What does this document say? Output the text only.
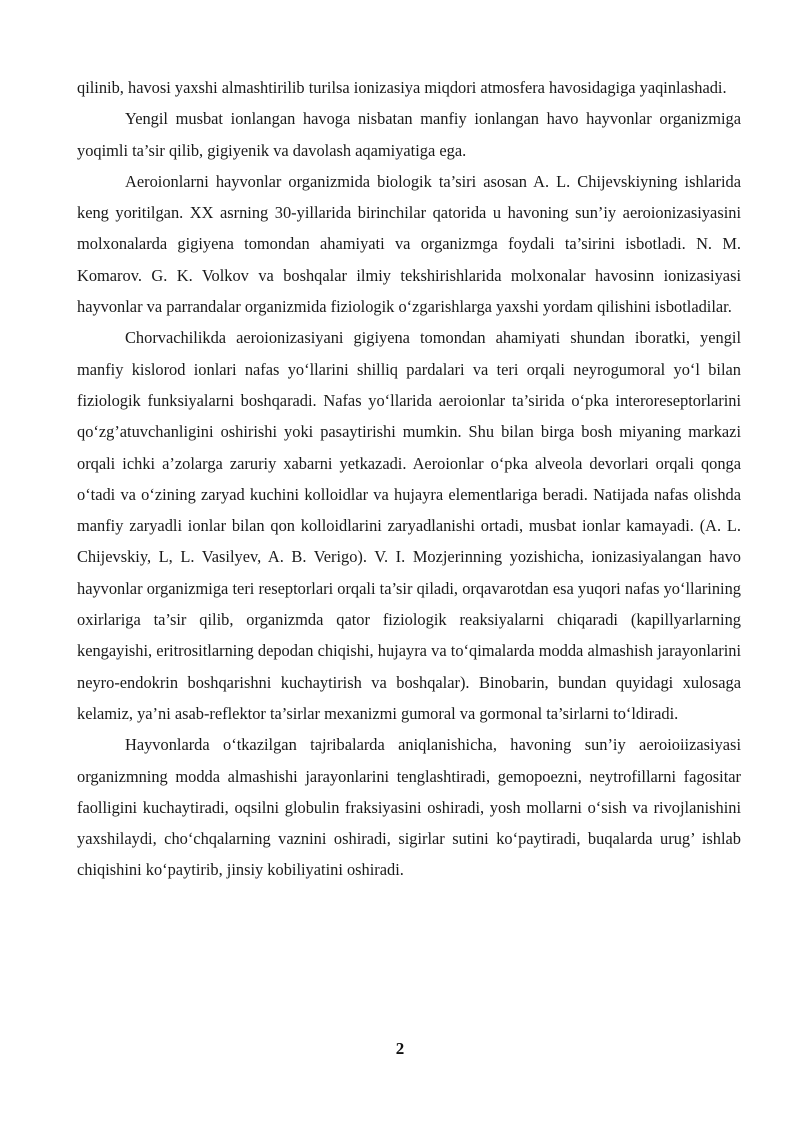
qilinib, havosi yaxshi almashtirilib turilsa ionizasiya miqdori atmosfera havosidagiga yaqinlashadi.

Yengil musbat ionlangan havoga nisbatan manfiy ionlangan havo hayvonlar organizmiga yoqimli ta’sir qilib, gigiyenik va davolash aqamiyatiga ega.

Aeroionlarni hayvonlar organizmida biologik ta’siri asosan A. L. Chijevskiyning ishlarida keng yoritilgan. XX asrning 30-yillarida birinchilar qatorida u havoning sun’iy aeroionizasiyasini molxonalarda gigiyena tomondan ahamiyati va organizmga foydali ta’sirini isbotladi. N. M. Komarov. G. K. Volkov va boshqalar ilmiy tekshirishlarida molxonalar havosinn ionizasiyasi hayvonlar va parrandalar organizmida fiziologik o‘zgarishlarga yaxshi yordam qilishini isbotladilar.

Chorvachilikda aeroionizasiyani gigiyena tomondan ahamiyati shundan iboratki, yengil manfiy kislorod ionlari nafas yo‘llarini shilliq pardalari va teri orqali neyrogumoral yo‘l bilan fiziologik funksiyalarni boshqaradi. Nafas yo‘llarida aeroionlar ta’sirida o‘pka interoreseptorlarini qo‘zg’atuvchanligini oshirishi yoki pasaytirishi mumkin. Shu bilan birga bosh miyaning markazi orqali ichki a’zolarga zaruriy xabarni yetkazadi. Aeroionlar o‘pka alveola devorlari orqali qonga o‘tadi va o‘zining zaryad kuchini kolloidlar va hujayra elementlariga beradi. Natijada nafas olishda manfiy zaryadli ionlar bilan qon kolloidlarini zaryadlanishi ortadi, musbat ionlar kamayadi. (A. L. Chijevskiy, L, L. Vasilyev, A. B. Verigo). V. I. Mozjerinning yozishicha, ionizasiyalangan havo hayvonlar organizmiga teri reseptorlari orqali ta’sir qiladi, orqavarotdan esa yuqori nafas yo‘llarining oxirlariga ta’sir qilib, organizmda qator fiziologik reaksiyalarni chiqaradi (kapillyarlarning kengayishi, eritrositlarning depodan chiqishi, hujayra va to‘qimalarda modda almashish jarayonlarini neyro-endokrin boshqarishni kuchaytirish va boshqalar). Binobarin, bundan quyidagi xulosaga kelamiz, ya’ni asab-reflektor ta’sirlar mexanizmi gumoral va gormonal ta’sirlarni to‘ldiradi.

Hayvonlarda o‘tkazilgan tajribalarda aniqlanishicha, havoning sun’iy aeroioiizasiyasi organizmning modda almashishi jarayonlarini tenglashtiradi, gemopoezni, neytrofillarni fagositar faolligini kuchaytiradi, oqsilni globulin fraksiyasini oshiradi, yosh mollarni o‘sish va rivojlanishini yaxshilaydi, cho‘chqalarning vaznini oshiradi, sigirlar sutini ko‘paytiradi, buqalarda urug’ ishlab chiqishini ko‘paytirib, jinsiy kobiliyatini oshiradi.

2
